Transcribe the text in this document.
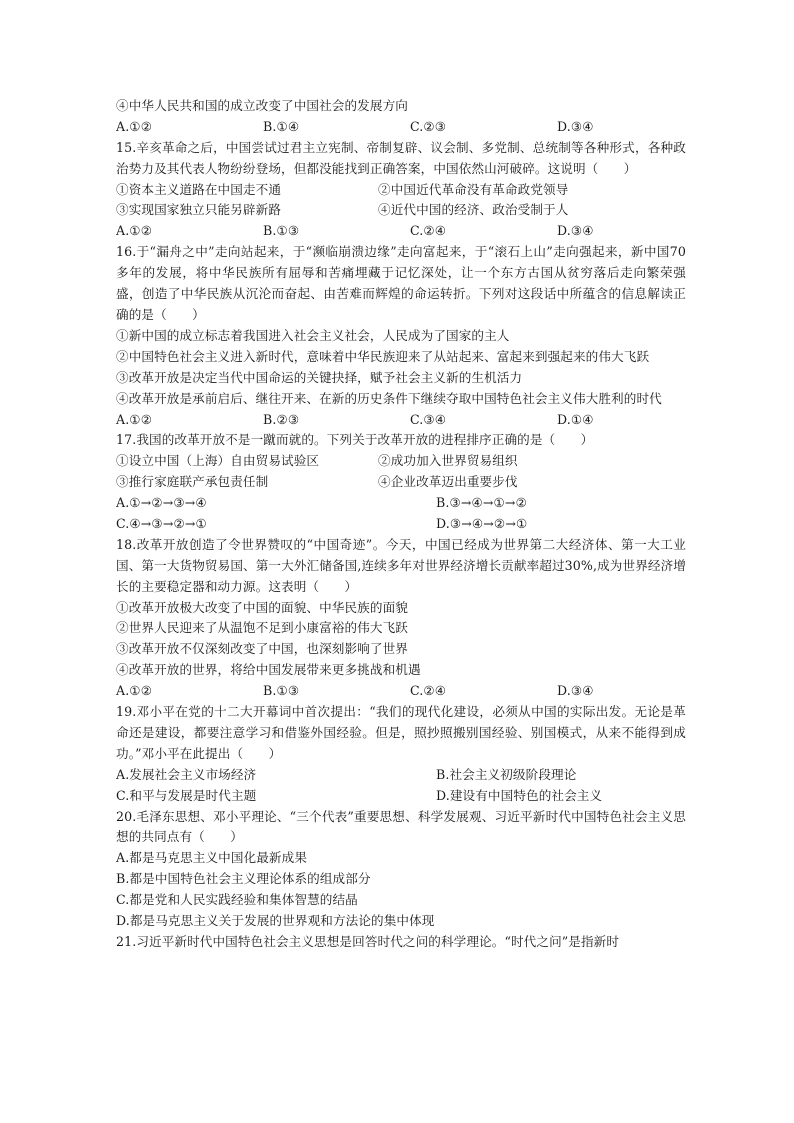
④中华人民共和国的成立改变了中国社会的发展方向
A.①②	B.①④	C.②③	D.③④
15.辛亥革命之后，中国尝试过君主立宪制、帝制复辟、议会制、多党制、总统制等各种形式，各种政治势力及其代表人物纷纷登场，但都没能找到正确答案，中国依然山河破碎。这说明（　　）
①资本主义道路在中国走不通	②中国近代革命没有革命政党领导
③实现国家独立只能另辟新路	④近代中国的经济、政治受制于人
A.①②	B.①③	C.②④	D.③④
16.于“漏舟之中”走向站起来，于“濒临崩溃边缘”走向富起来，于“滚石上山”走向强起来，新中国70多年的发展，将中华民族所有屈辱和苦痛埋藏于记忆深处，让一个东方古国从贫穷落后走向繁荣强盛，创造了中华民族从沉沦而奋起、由苦难而辉煌的命运转折。下列对这段话中所蕴含的信息解读正确的是（　　）
①新中国的成立标志着我国进入社会主义社会，人民成为了国家的主人
②中国特色社会主义进入新时代，意味着中华民族迎来了从站起来、富起来到强起来的伟大飞跃
③改革开放是决定当代中国命运的关键抉择，赋予社会主义新的生机活力
④改革开放是承前启后、继往开来、在新的历史条件下继续夺取中国特色社会主义伟大胜利的时代
A.①②	B.②③	C.③④	D.①④
17.我国的改革开放不是一蹴而就的。下列关于改革开放的进程排序正确的是（　　）
①设立中国（上海）自由贸易试验区	②成功加入世界贸易组织
③推行家庭联产承包责任制	④企业改革迈出重要步伐
A.①→②→③→④	B.③→④→①→②
C.④→③→②→①	D.③→④→②→①
18.改革开放创造了令世界赞叹的“中国奇迹”。今天，中国已经成为世界第二大经济体、第一大工业国、第一大货物贸易国、第一大外汇储备国,连续多年对世界经济增长贡献率超过30%,成为世界经济增长的主要稳定器和动力源。这表明（　　）
①改革开放极大改变了中国的面貌、中华民族的面貌
②世界人民迎来了从温饱不足到小康富裕的伟大飞跃
③改革开放不仅深刻改变了中国，也深刻影响了世界
④改革开放的世界，将给中国发展带来更多挑战和机遇
A.①②	B.①③	C.②④	D.③④
19.邓小平在党的十二大开幕词中首次提出：“我们的现代化建设，必须从中国的实际出发。无论是革命还是建设，都要注意学习和借鉴外国经验。但是，照抄照搬别国经验、别国模式，从来不能得到成功。”邓小平在此提出（　　）
A.发展社会主义市场经济	B.社会主义初级阶段理论
C.和平与发展是时代主题	D.建设有中国特色的社会主义
20.毛泽东思想、邓小平理论、“三个代表”重要思想、科学发展观、习近平新时代中国特色社会主义思想的共同点有（　　）
A.都是马克思主义中国化最新成果
B.都是中国特色社会主义理论体系的组成部分
C.都是党和人民实践经验和集体智慧的结晶
D.都是马克思主义关于发展的世界观和方法论的集中体现
21.习近平新时代中国特色社会主义思想是回答时代之问的科学理论。“时代之问”是指新时
